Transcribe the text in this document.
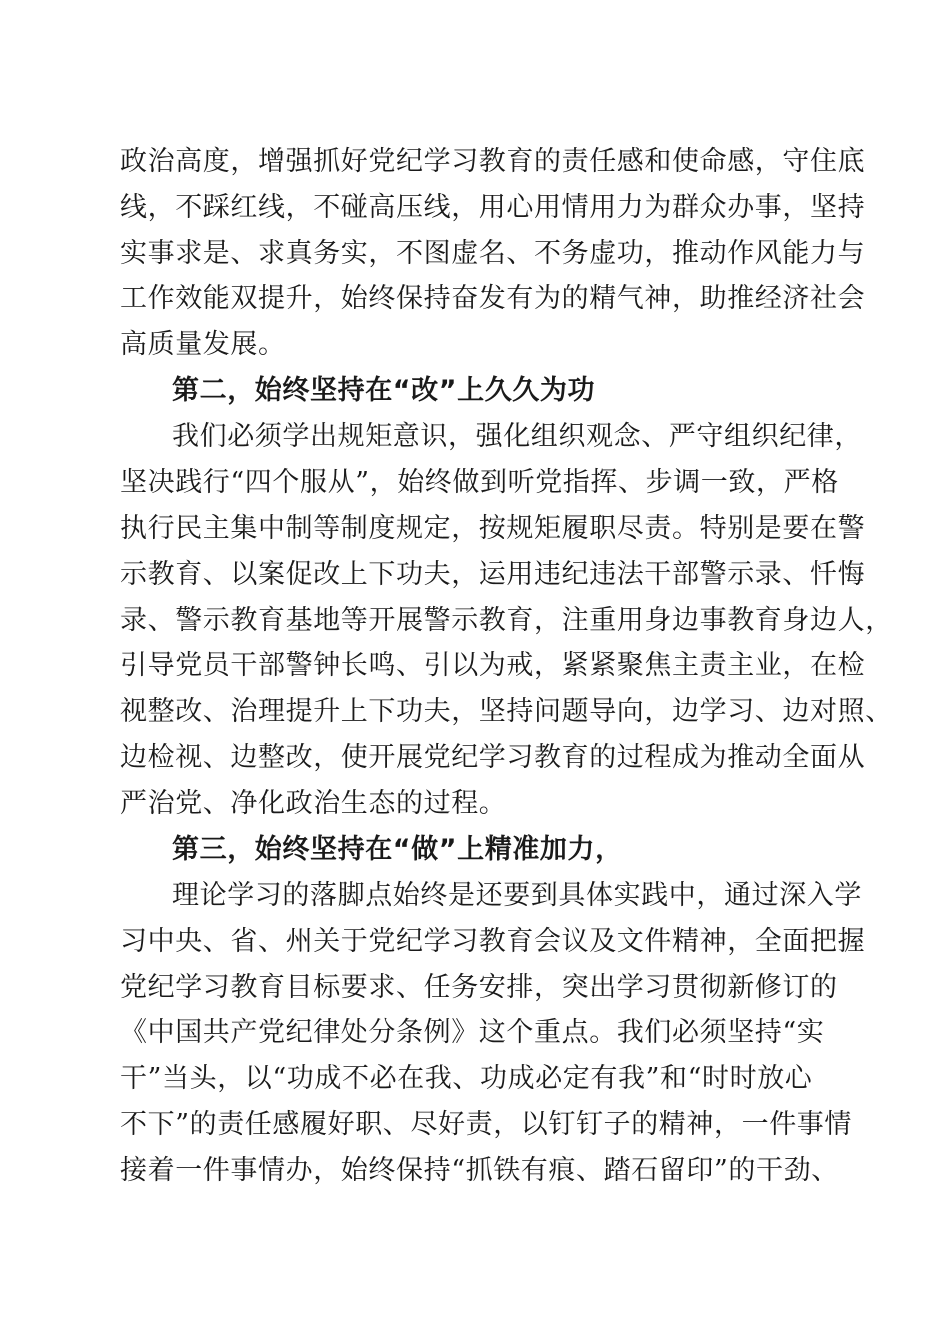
政治高度，增强抓好党纪学习教育的责任感和使命感，守住底
线，不踩红线，不碰高压线，用心用情用力为群众办事，坚持
实事求是、求真务实，不图虚名、不务虚功，推动作风能力与
工作效能双提升，始终保持奋发有为的精气神，助推经济社会
高质量发展。
第二，始终坚持在“改”上久久为功
我们必须学出规矩意识，强化组织观念、严守组织纪律，
坚决践行“四个服从”，始终做到听党指挥、步调一致，严格
执行民主集中制等制度规定，按规矩履职尽责。特别是要在警
示教育、以案促改上下功夫，运用违纪违法干部警示录、忏悔
录、警示教育基地等开展警示教育，注重用身边事教育身边人，
引导党员干部警钟长鸣、引以为戒，紧紧聚焦主责主业，在检
视整改、治理提升上下功夫，坚持问题导向，边学习、边对照、
边检视、边整改，使开展党纪学习教育的过程成为推动全面从
严治党、净化政治生态的过程。
第三，始终坚持在“做”上精准加力，
理论学习的落脚点始终是还要到具体实践中，通过深入学
习中央、省、州关于党纪学习教育会议及文件精神，全面把握
党纪学习教育目标要求、任务安排，突出学习贯彻新修订的
《中国共产党纪律处分条例》这个重点。我们必须坚持“实
干”当头，以“功成不必在我、功成必定有我”和“时时放心
不下”的责任感履好职、尽好责，以钉钉子的精神，一件事情
接着一件事情办，始终保持“抓铁有痕、踏石留印”的干劲、
